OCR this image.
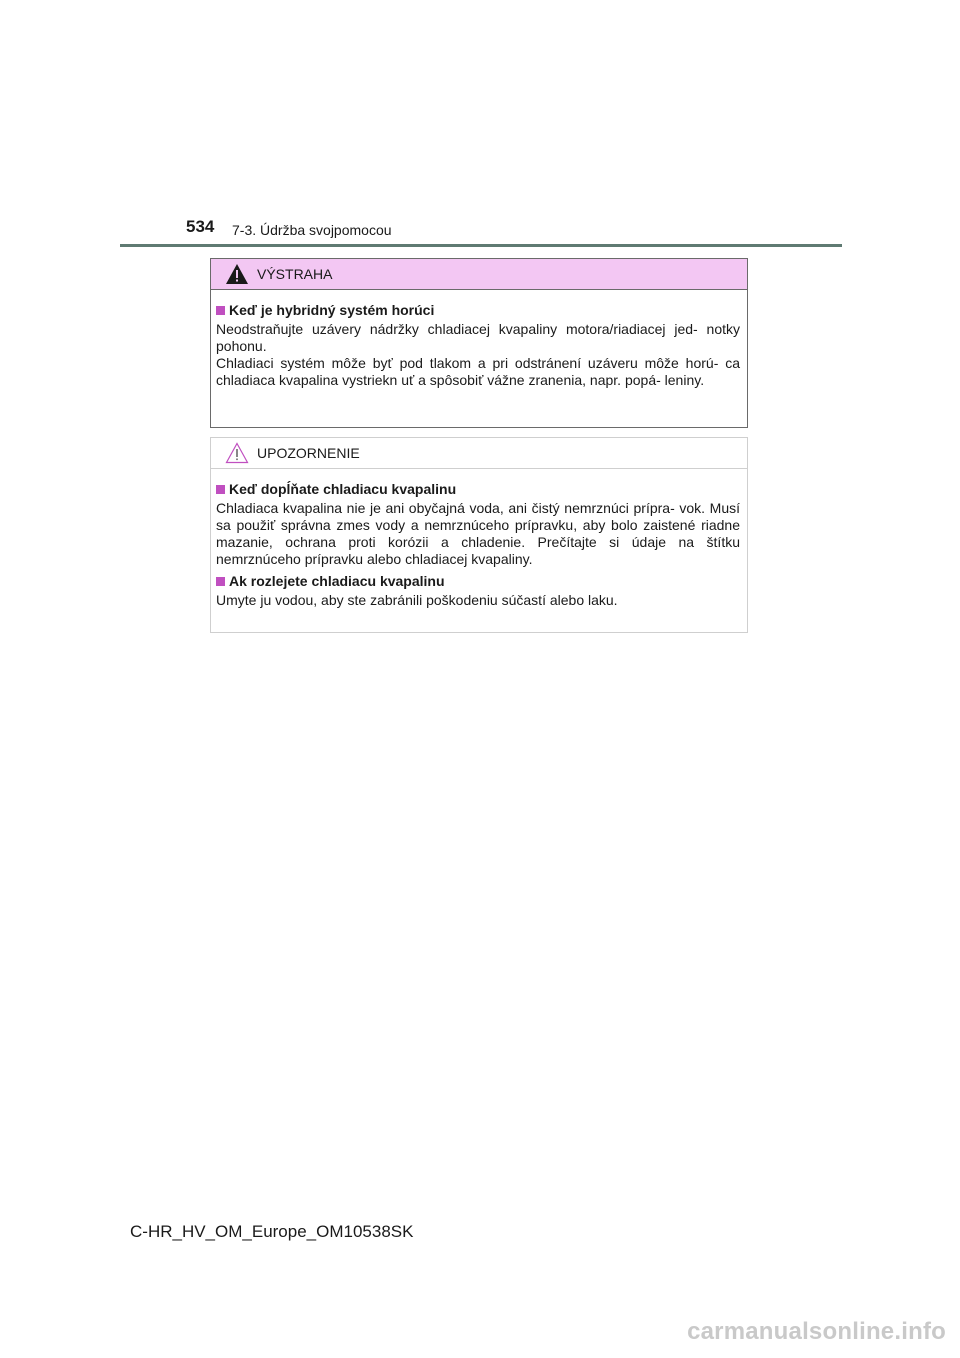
534 7-3. Údržba svojpomocou
VÝSTRAHA
Keď je hybridný systém horúci

Neodstraňujte uzávery nádržky chladiacej kvapaliny motora/riadiacej jed- notky pohonu.

Chladiaci systém môže byť pod tlakom a pri odstránení uzáveru môže horú- ca chladiaca kvapalina vystriekn uť a spôsobiť vážne zranenia, napr. popá- leniny.

UPOZORNENIE
Keď dopĺňate chladiacu kvapalinu

Chladiaca kvapalina nie je ani obyčajná voda, ani čistý nemrznúci prípra- vok. Musí sa použiť správna zmes vody a nemrznúceho prípravku, aby bolo zaistené riadne mazanie, ochrana proti korózii a chladenie. Prečítajte si údaje na štítku nemrznúceho prípravku alebo chladiacej kvapaliny.

Ak rozlejete chladiacu kvapalinu

Umyte ju vodou, aby ste zabránili poškodeniu súčastí alebo laku.

C-HR_HV_OM_Europe_OM10538SK
carmanualsonline.info
